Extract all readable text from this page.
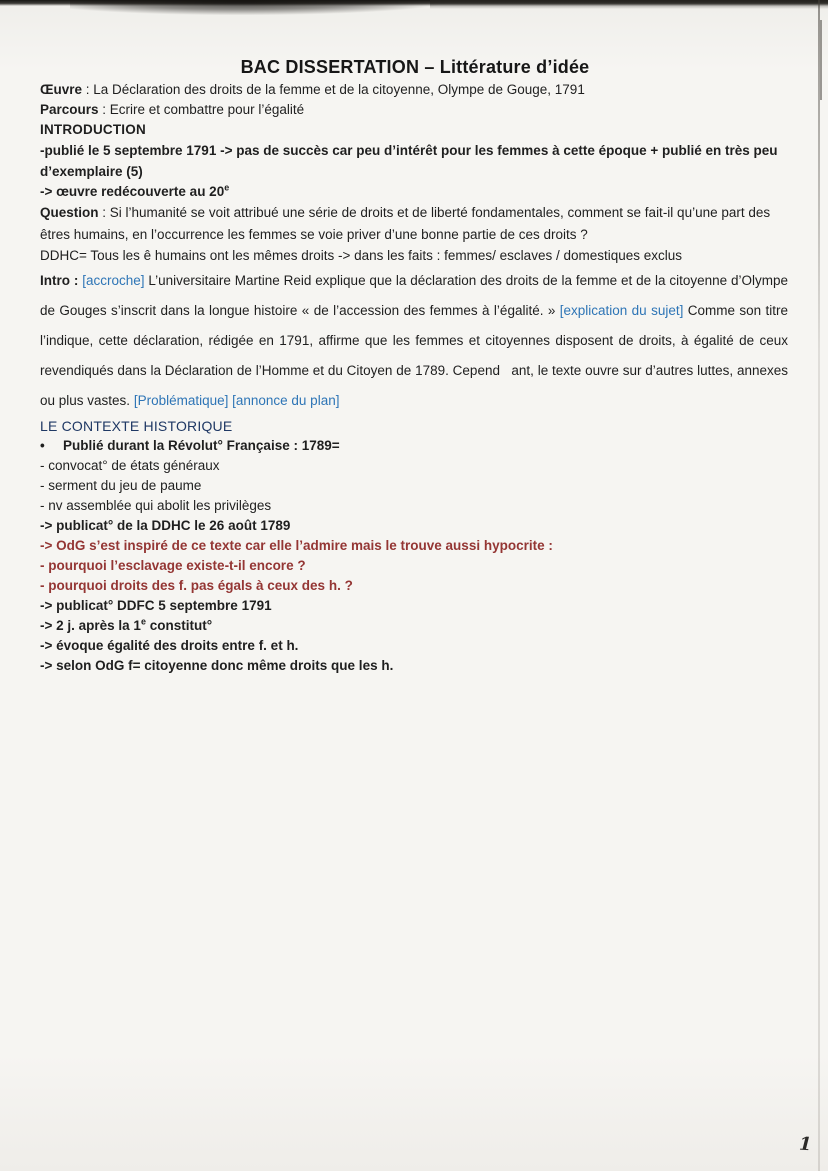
BAC DISSERTATION – Littérature d’idée

Œuvre : La Déclaration des droits de la femme et de la citoyenne, Olympe de Gouge, 1791

Parcours : Ecrire et combattre pour l’égalité

INTRODUCTION

-publié le 5 septembre 1791 -> pas de succès car peu d’intérêt pour les femmes à cette époque + publié en très peu d’exemplaire (5)

-> œuvre redécouverte au 20e

Question : Si l’humanité se voit attribué une série de droits et de liberté fondamentales, comment se fait-il qu’une part des êtres humains, en l’occurrence les femmes se voie priver d’une bonne partie de ces droits ?

DDHC= Tous les ê humains ont les mêmes droits -> dans les faits : femmes/ esclaves / domestiques exclus

Intro : [accroche] L’universitaire Martine Reid explique que la déclaration des droits de la femme et de la citoyenne d’Olympe de Gouges s’inscrit dans la longue histoire « de l’accession des femmes à l’égalité. » [explication du sujet] Comme son titre l’indique, cette déclaration, rédigée en 1791, affirme que les femmes et citoyennes disposent de droits, à égalité de ceux revendiqués dans la Déclaration de l’Homme et du Citoyen de 1789. Cepend   ant, le texte ouvre sur d’autres luttes, annexes ou plus vastes. [Problématique] [annonce du plan]

LE CONTEXTE HISTORIQUE

• Publié durant la Révolut° Française : 1789=

- convocat° de états généraux

- serment du jeu de paume

- nv assemblée qui abolit les privilèges

-> publicat° de la DDHC le 26 août 1789

-> OdG s’est inspiré de ce texte car elle l’admire mais le trouve aussi hypocrite :

- pourquoi l’esclavage existe-t-il encore ?

- pourquoi droits des f. pas égals à ceux des h. ?

-> publicat° DDFC 5 septembre 1791

-> 2 j. après la 1e constitut°

-> évoque égalité des droits entre f. et h.

-> selon OdG f= citoyenne donc même droits que les h.

1
